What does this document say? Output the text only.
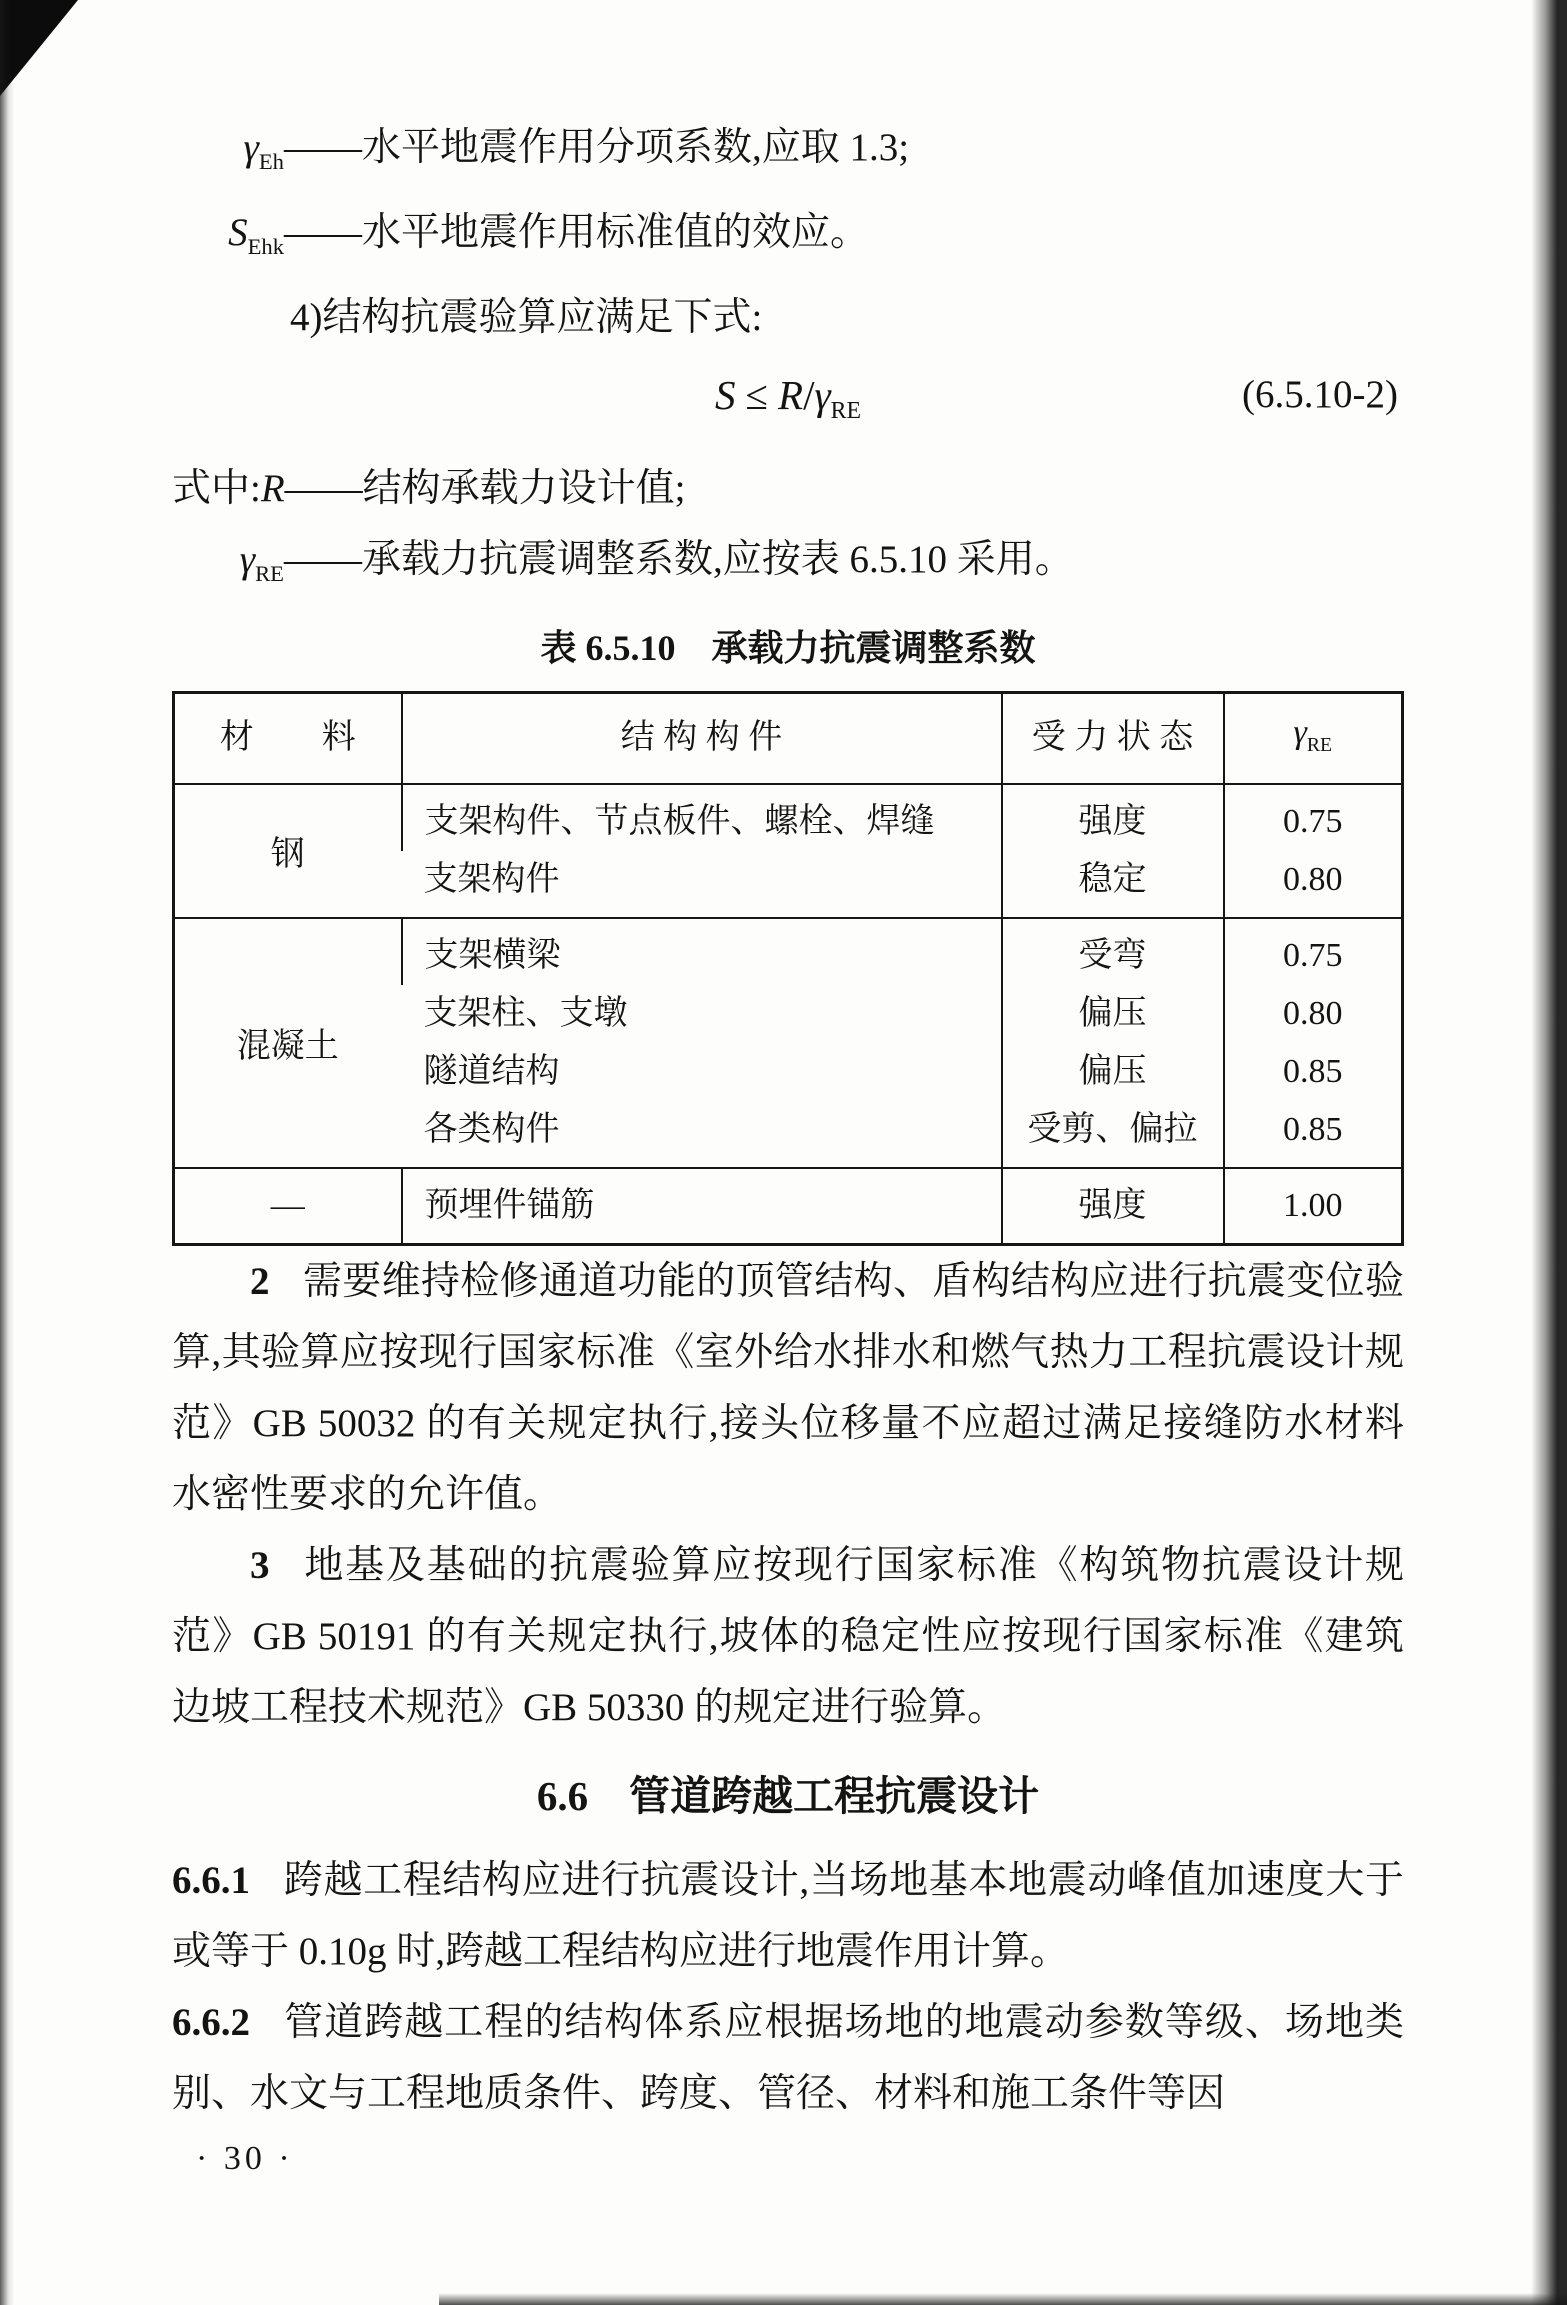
$\gamma_{Eh}——$水平地震作用分项系数,应取 1.3;
$S_{Ehk}——$水平地震作用标准值的效应。
4)结构抗震验算应满足下式:
$S \le R/\gamma_{RE}$	(6.5.10-2)
式中:R——结构承载力设计值;
$\gamma_{RE}——$承载力抗震调整系数,应按表 6.5.10 采用。
表 6.5.10　承载力抗震调整系数
材　　料	结 构 构 件	受 力 状 态	$\gamma_{RE}$
钢	支架构件、节点板件、螺栓、焊缝	强度	0.75
	支架构件	稳定	0.80
混凝土	支架横梁	受弯	0.75
	支架柱、支墩	偏压	0.80
	隧道结构	偏压	0.85
	各类构件	受剪、偏拉	0.85
—	预埋件锚筋	强度	1.00

2 需要维持检修通道功能的顶管结构、盾构结构应进行抗震变位验算,其验算应按现行国家标准《室外给水排水和燃气热力工程抗震设计规范》GB 50032 的有关规定执行,接头位移量不应超过满足接缝防水材料水密性要求的允许值。

3 地基及基础的抗震验算应按现行国家标准《构筑物抗震设计规范》GB 50191 的有关规定执行,坡体的稳定性应按现行国家标准《建筑边坡工程技术规范》GB 50330 的规定进行验算。

6.6　管道跨越工程抗震设计

6.6.1 跨越工程结构应进行抗震设计,当场地基本地震动峰值加速度大于或等于 0.10g 时,跨越工程结构应进行地震作用计算。

6.6.2 管道跨越工程的结构体系应根据场地的地震动参数等级、场地类别、水文与工程地质条件、跨度、管径、材料和施工条件等因

· 30 ·
